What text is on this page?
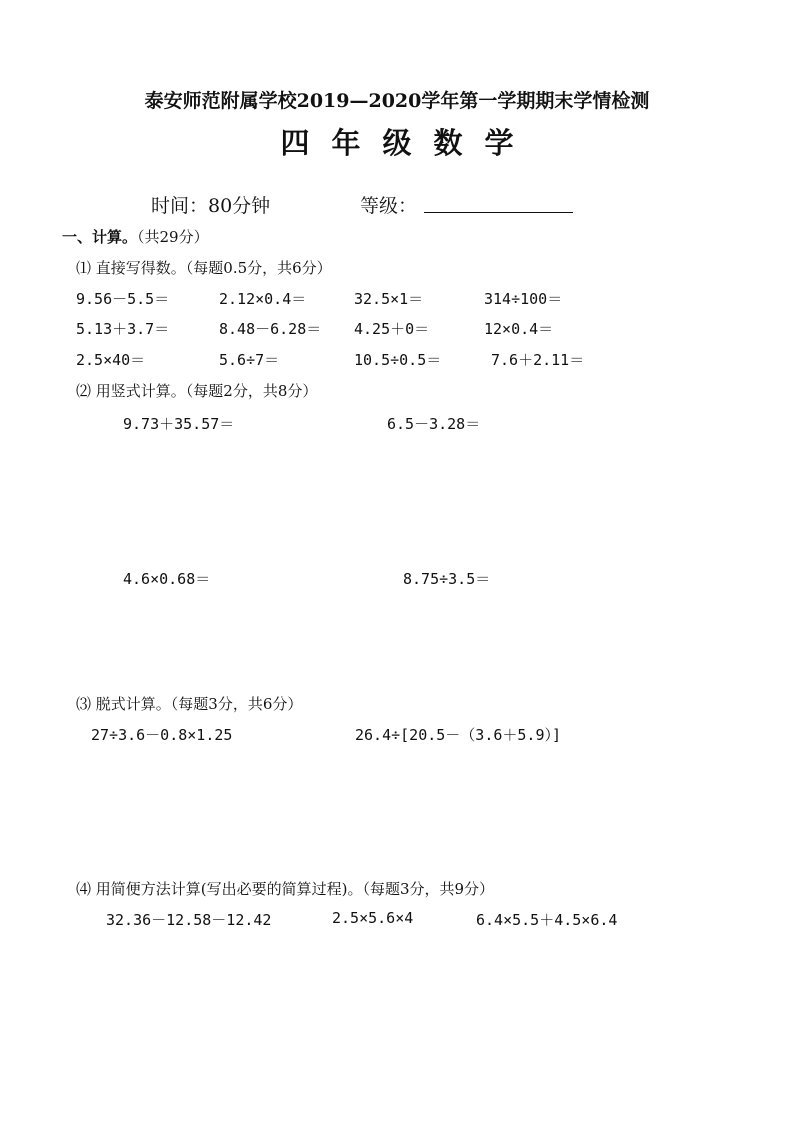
泰安师范附属学校2019—2020学年第一学期期末学情检测
四年级数学
时间：80分钟	等级：
一、计算。（共29分）
⑴ 直接写得数。（每题0.5分，共6分）
9.56－5.5＝	2.12×0.4＝	32.5×1＝	314÷100＝
5.13＋3.7＝	8.48－6.28＝ 4.25＋0＝	12×0.4＝
2.5×40＝	5.6÷7＝	10.5÷0.5＝	7.6＋2.11＝
⑵ 用竖式计算。（每题2分，共8分）
9.73＋35.57＝	6.5－3.28＝
4.6×0.68＝	8.75÷3.5＝
⑶ 脱式计算。（每题3分，共6分）
27÷3.6－0.8×1.25	26.4÷[20.5－（3.6＋5.9）]
⑷ 用简便方法计算(写出必要的简算过程)。（每题3分，共9分）
32.36－12.58－12.42	2.5×5.6×4	6.4×5.5＋4.5×6.4
